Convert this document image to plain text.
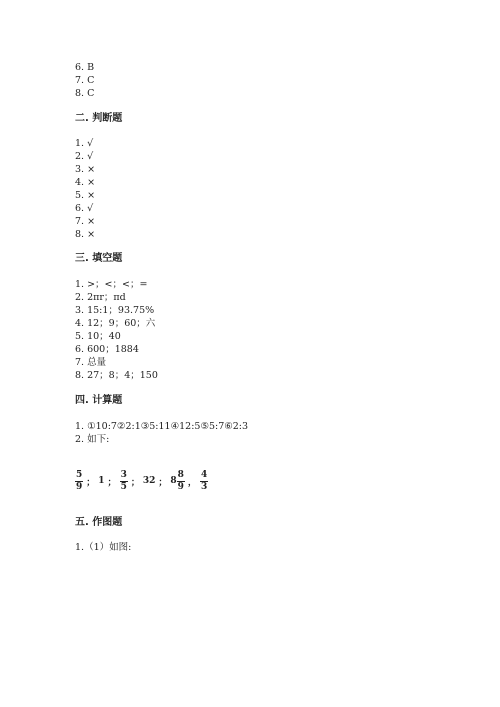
6. B
7. C
8. C
二. 判断题
1. √
2. √
3. ×
4. ×
5. ×
6. √
7. ×
8. ×
三. 填空题
1. >；<；<；=
2. 2πr；πd
3. 15:1；93.75%
4. 12；9；60；六
5. 10；40
6. 600；1884
7. 总量
8. 27；8；4；150
四. 计算题
1. ①10:7②2:1③5:11④12:5⑤5:7⑥2:3
2. 如下:
$\frac{5}{9}$ ； 1 ； $\frac{3}{5}$ ； 32 ； $8 \frac{8}{9}$ ， $\frac{4}{3}$
五. 作图题
1.（1）如图:
